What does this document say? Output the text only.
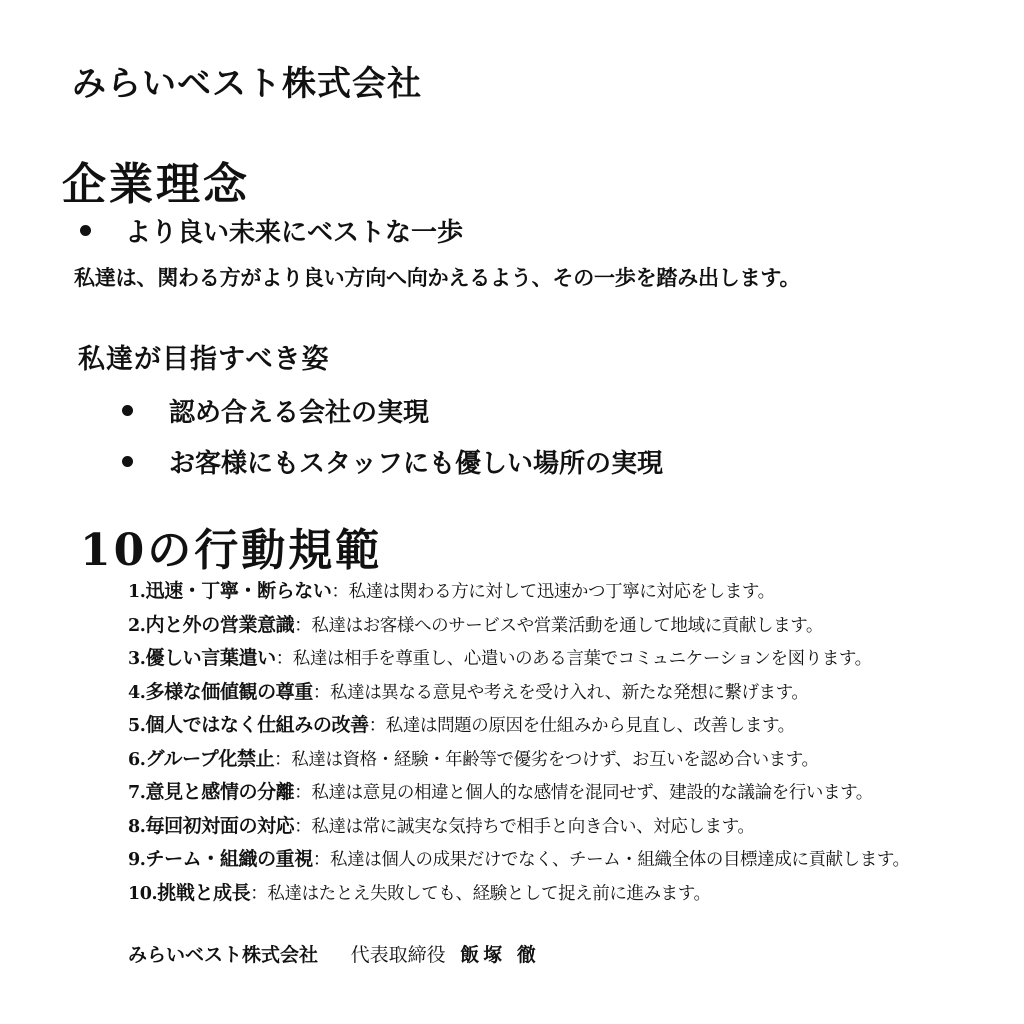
みらいベスト株式会社
企業理念
より良い未来にベストな一歩
私達は、関わる方がより良い方向へ向かえるよう、その一歩を踏み出します。
私達が目指すべき姿
認め合える会社の実現
お客様にもスタッフにも優しい場所の実現
10の行動規範
1.迅速・丁寧・断らない：私達は関わる方に対して迅速かつ丁寧に対応をします。
2.内と外の営業意識：私達はお客様へのサービスや営業活動を通して地域に貢献します。
3.優しい言葉遣い：私達は相手を尊重し、心遣いのある言葉でコミュニケーションを図ります。
4.多様な価値観の尊重：私達は異なる意見や考えを受け入れ、新たな発想に繋げます。
5.個人ではなく仕組みの改善：私達は問題の原因を仕組みから見直し、改善します。
6.グループ化禁止：私達は資格・経験・年齢等で優劣をつけず、お互いを認め合います。
7.意見と感情の分離：私達は意見の相違と個人的な感情を混同せず、建設的な議論を行います。
8.毎回初対面の対応：私達は常に誠実な気持ちで相手と向き合い、対応します。
9.チーム・組織の重視：私達は個人の成果だけでなく、チーム・組織全体の目標達成に貢献します。
10.挑戦と成長：私達はたとえ失敗しても、経験として捉え前に進みます。
みらいベスト株式会社 代表取締役 飯塚 徹
